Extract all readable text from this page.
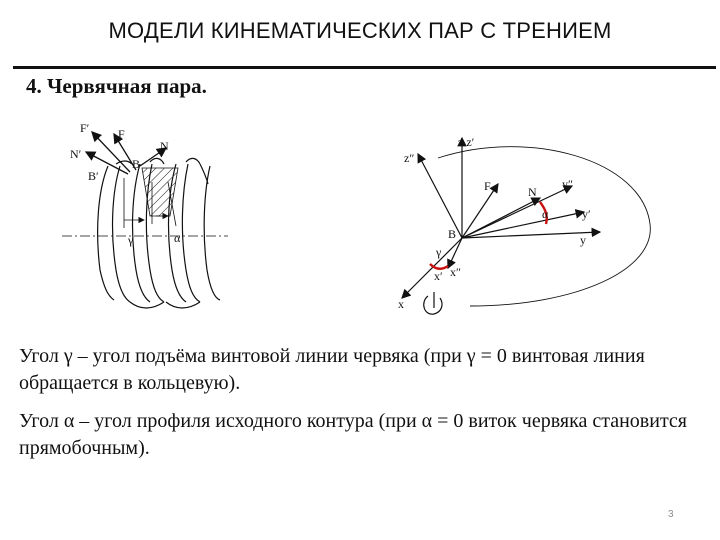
МОДЕЛИ КИНЕМАТИЧЕСКИХ ПАР С ТРЕНИЕМ
4. Червячная пара.
F′ F
N′
N
B
B′
γ	α
z z′
z″
F	N
y″
α	y′
y
B
γ
x′ x″
x

Угол γ – угол подъёма винтовой линии червяка (при γ = 0 винтовая линия обращается в кольцевую).

Угол α – угол профиля исходного контура (при α = 0 виток червяка становится прямобочным).

3
